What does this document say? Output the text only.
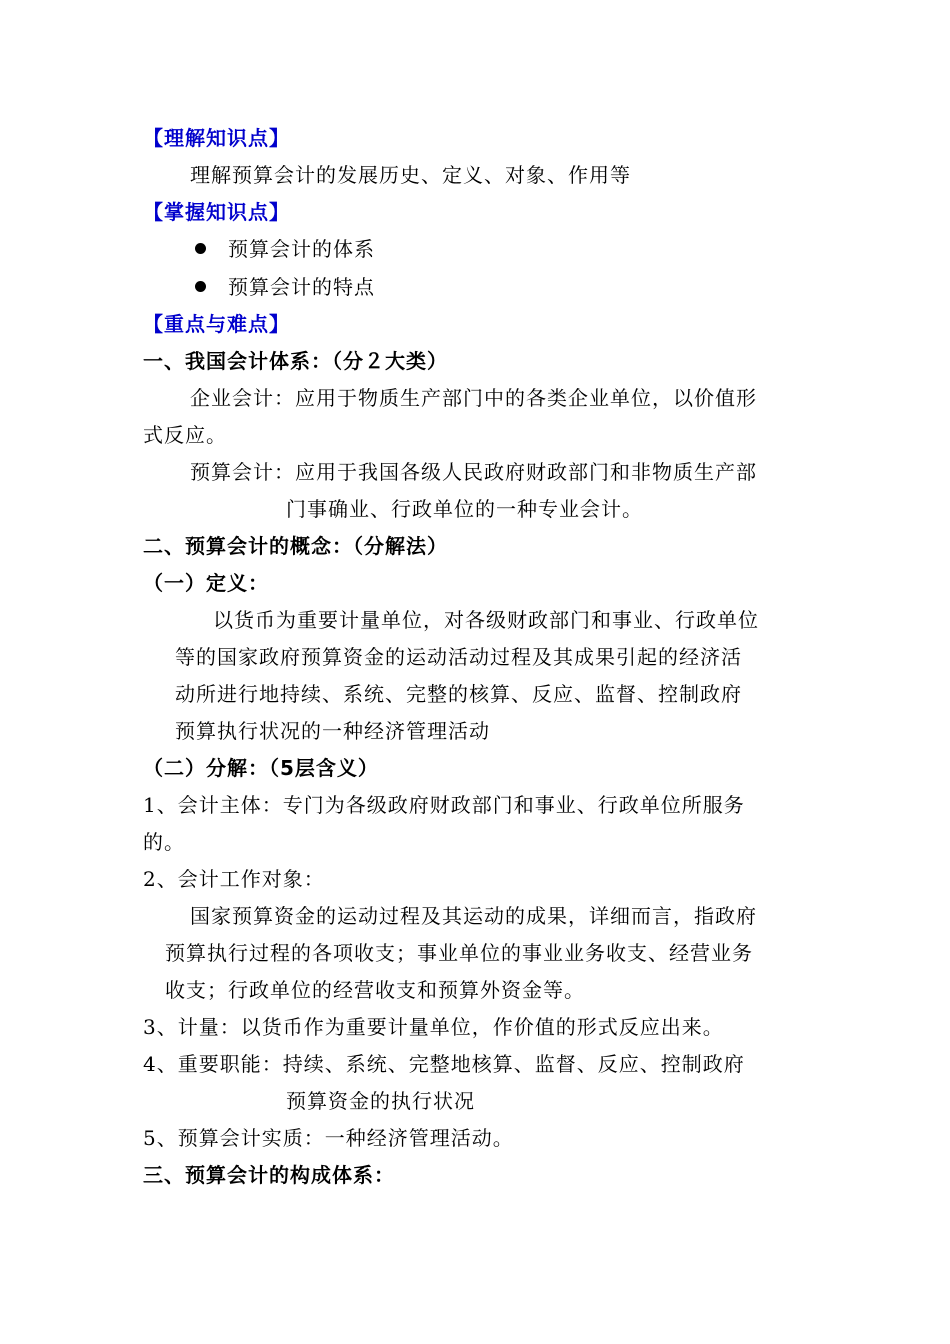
【理解知识点】
理解预算会计的发展历史、定义、对象、作用等
【掌握知识点】
预算会计的体系
预算会计的特点
【重点与难点】
一、我国会计体系：（分２大类）
企业会计：应用于物质生产部门中的各类企业单位，以价值形
式反应。
预算会计：应用于我国各级人民政府财政部门和非物质生产部
门事确业、行政单位的一种专业会计。
二、预算会计的概念：（分解法）
（一）定义：
以货币为重要计量单位，对各级财政部门和事业、行政单位
等的国家政府预算资金的运动活动过程及其成果引起的经济活
动所进行地持续、系统、完整的核算、反应、监督、控制政府
预算执行状况的一种经济管理活动
（二）分解：（5层含义）
1、会计主体：专门为各级政府财政部门和事业、行政单位所服务
的。
2、会计工作对象：
国家预算资金的运动过程及其运动的成果，详细而言，指政府
预算执行过程的各项收支；事业单位的事业业务收支、经营业务
收支；行政单位的经营收支和预算外资金等。
3、计量：以货币作为重要计量单位，作价值的形式反应出来。
4、重要职能：持续、系统、完整地核算、监督、反应、控制政府
预算资金的执行状况
5、预算会计实质：一种经济管理活动。
三、预算会计的构成体系：
